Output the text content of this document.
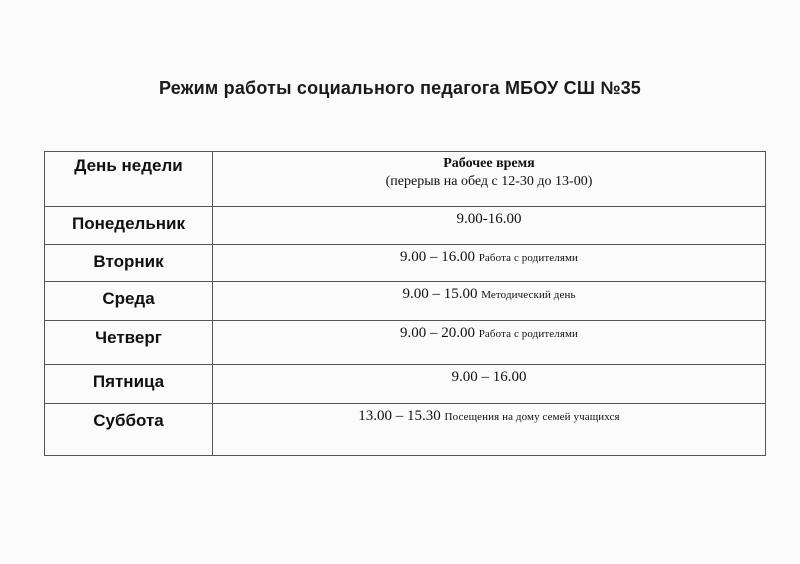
Режим работы социального педагога МБОУ СШ №35
День недели	Рабочее время
(перерыв на обед с 12-30 до 13-00)

Понедельник	9.00-16.00
Вторник	9.00 – 16.00 Работа с родителями
Среда	9.00 – 15.00 Методический день
Четверг	9.00 – 20.00 Работа с родителями
Пятница	9.00 – 16.00
Суббота	13.00 – 15.30 Посещения на дому семей учащихся
